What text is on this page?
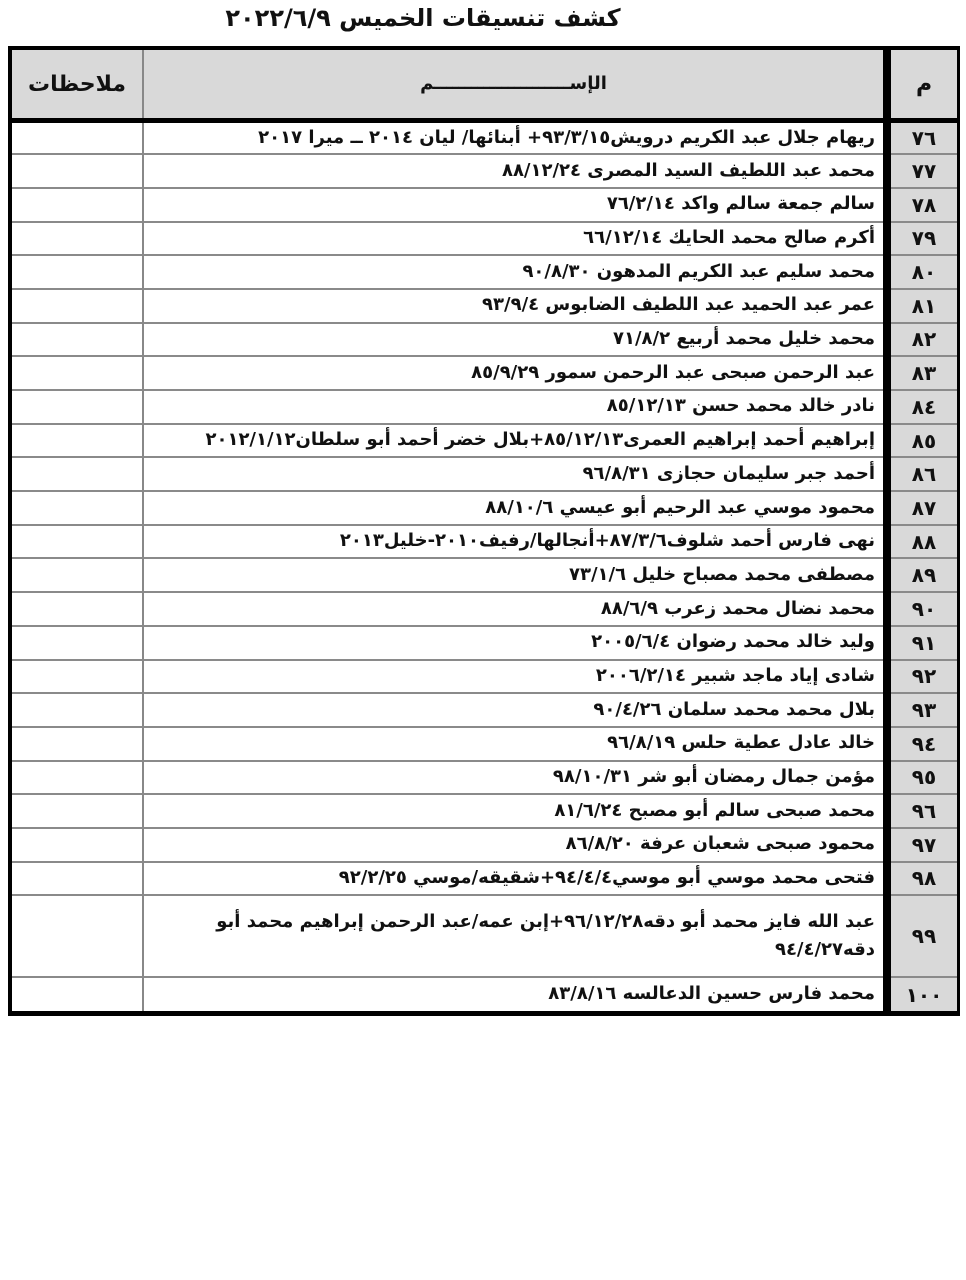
كشف تنسيقات الخميس ٢٠٢٢/٦/٩
م	الإســــــــــــــــــــــم	ملاحظات
٧٦	ريهام جلال عبد الكريم درويش٩٣/٣/١٥+ أبنائها/ ليان ٢٠١٤ ــ ميرا ٢٠١٧	
٧٧	محمد عبد اللطيف السيد المصرى ٨٨/١٢/٢٤	
٧٨	سالم جمعة سالم واكد ٧٦/٢/١٤	
٧٩	أكرم صالح محمد الحايك ٦٦/١٢/١٤	
٨٠	محمد سليم عبد الكريم المدهون ٩٠/٨/٣٠	
٨١	عمر عبد الحميد عبد اللطيف الضابوس ٩٣/٩/٤	
٨٢	محمد خليل محمد أربيع ٧١/٨/٢	
٨٣	عبد الرحمن صبحى عبد الرحمن سمور ٨٥/٩/٢٩	
٨٤	نادر خالد محمد حسن ٨٥/١٢/١٣	
٨٥	إبراهيم أحمد إبراهيم العمرى٨٥/١٢/١٣+بلال خضر أحمد أبو سلطان٢٠١٢/١/١٢	
٨٦	أحمد جبر سليمان حجازى ٩٦/٨/٣١	
٨٧	محمود موسي عبد الرحيم أبو عيسي ٨٨/١٠/٦	
٨٨	نهى فارس أحمد شلوف٨٧/٣/٦+أنجالها/رفيف٢٠١٠-خليل٢٠١٣	
٨٩	مصطفى محمد مصباح خليل ٧٣/١/٦	
٩٠	محمد نضال محمد زعرب ٨٨/٦/٩	
٩١	وليد خالد محمد رضوان ٢٠٠٥/٦/٤	
٩٢	شادى إياد ماجد شبير ٢٠٠٦/٢/١٤	
٩٣	بلال محمد محمد سلمان ٩٠/٤/٢٦	
٩٤	خالد عادل عطية حلس ٩٦/٨/١٩	
٩٥	مؤمن جمال رمضان أبو شر ٩٨/١٠/٣١	
٩٦	محمد صبحى سالم أبو مصبح ٨١/٦/٢٤	
٩٧	محمود صبحى شعبان عرفة ٨٦/٨/٢٠	
٩٨	فتحى محمد موسي أبو موسي٩٤/٤/٤+شقيقه/موسي ٩٢/٢/٢٥	
٩٩	عبد الله فايز محمد أبو دقه٩٦/١٢/٢٨+إبن عمه/عبد الرحمن إبراهيم محمد أبو دقه٩٤/٤/٢٧	
١٠٠	محمد فارس حسين الدعالسه ٨٣/٨/١٦	
